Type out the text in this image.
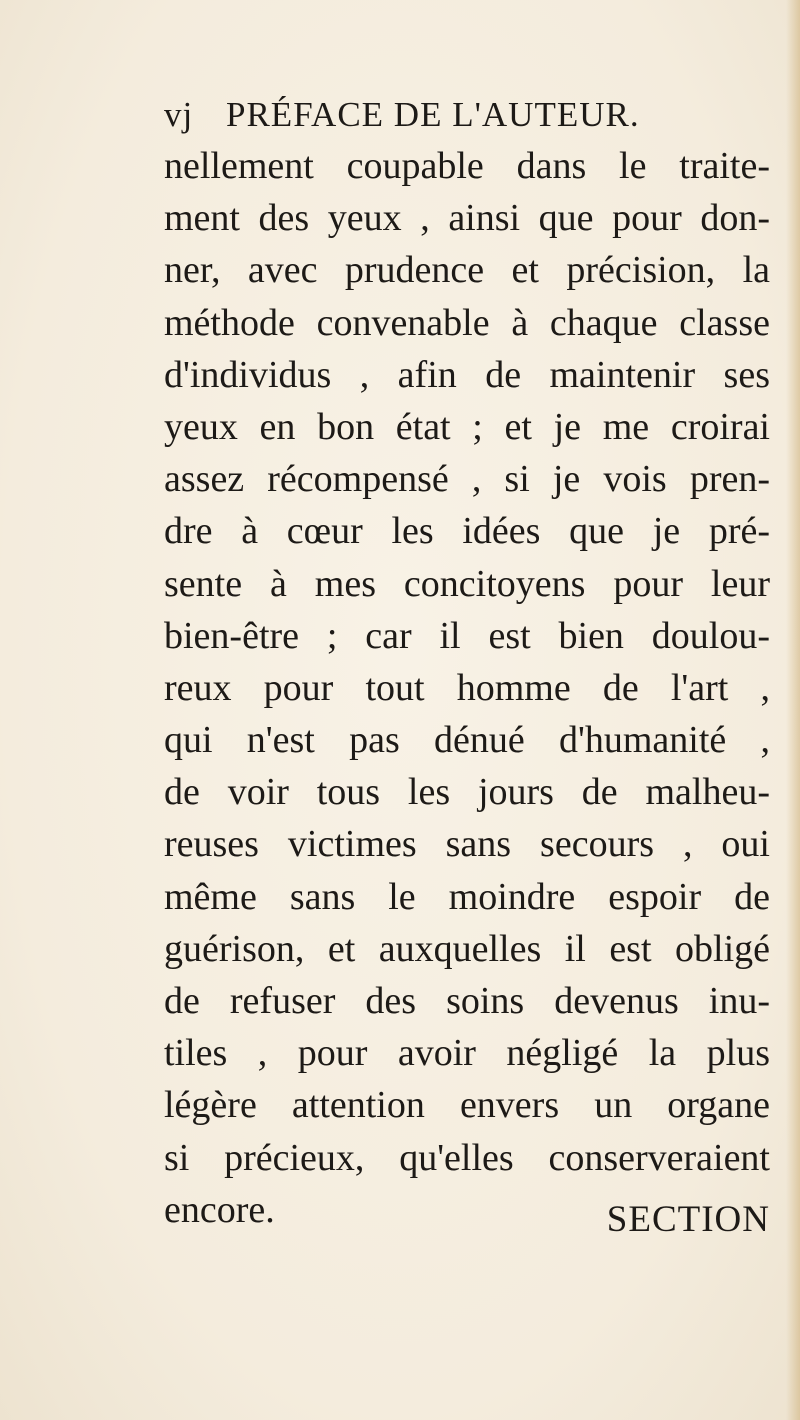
vj PRÉFACE DE L'AUTEUR.
nellement coupable dans le traite-
ment des yeux , ainsi que pour don-
ner, avec prudence et précision, la
méthode convenable à chaque classe
d'individus , afin de maintenir ses
yeux en bon état ; et je me croirai
assez récompensé , si je vois pren-
dre à cœur les idées que je pré-
sente à mes concitoyens pour leur
bien-être ; car il est bien doulou-
reux pour tout homme de l'art ,
qui n'est pas dénué d'humanité ,
de voir tous les jours de malheu-
reuses victimes sans secours , oui
même sans le moindre espoir de
guérison, et auxquelles il est obligé
de refuser des soins devenus inu-
tiles , pour avoir négligé la plus
légère attention envers un organe
si précieux, qu'elles conserveraient
encore.	SECTION
